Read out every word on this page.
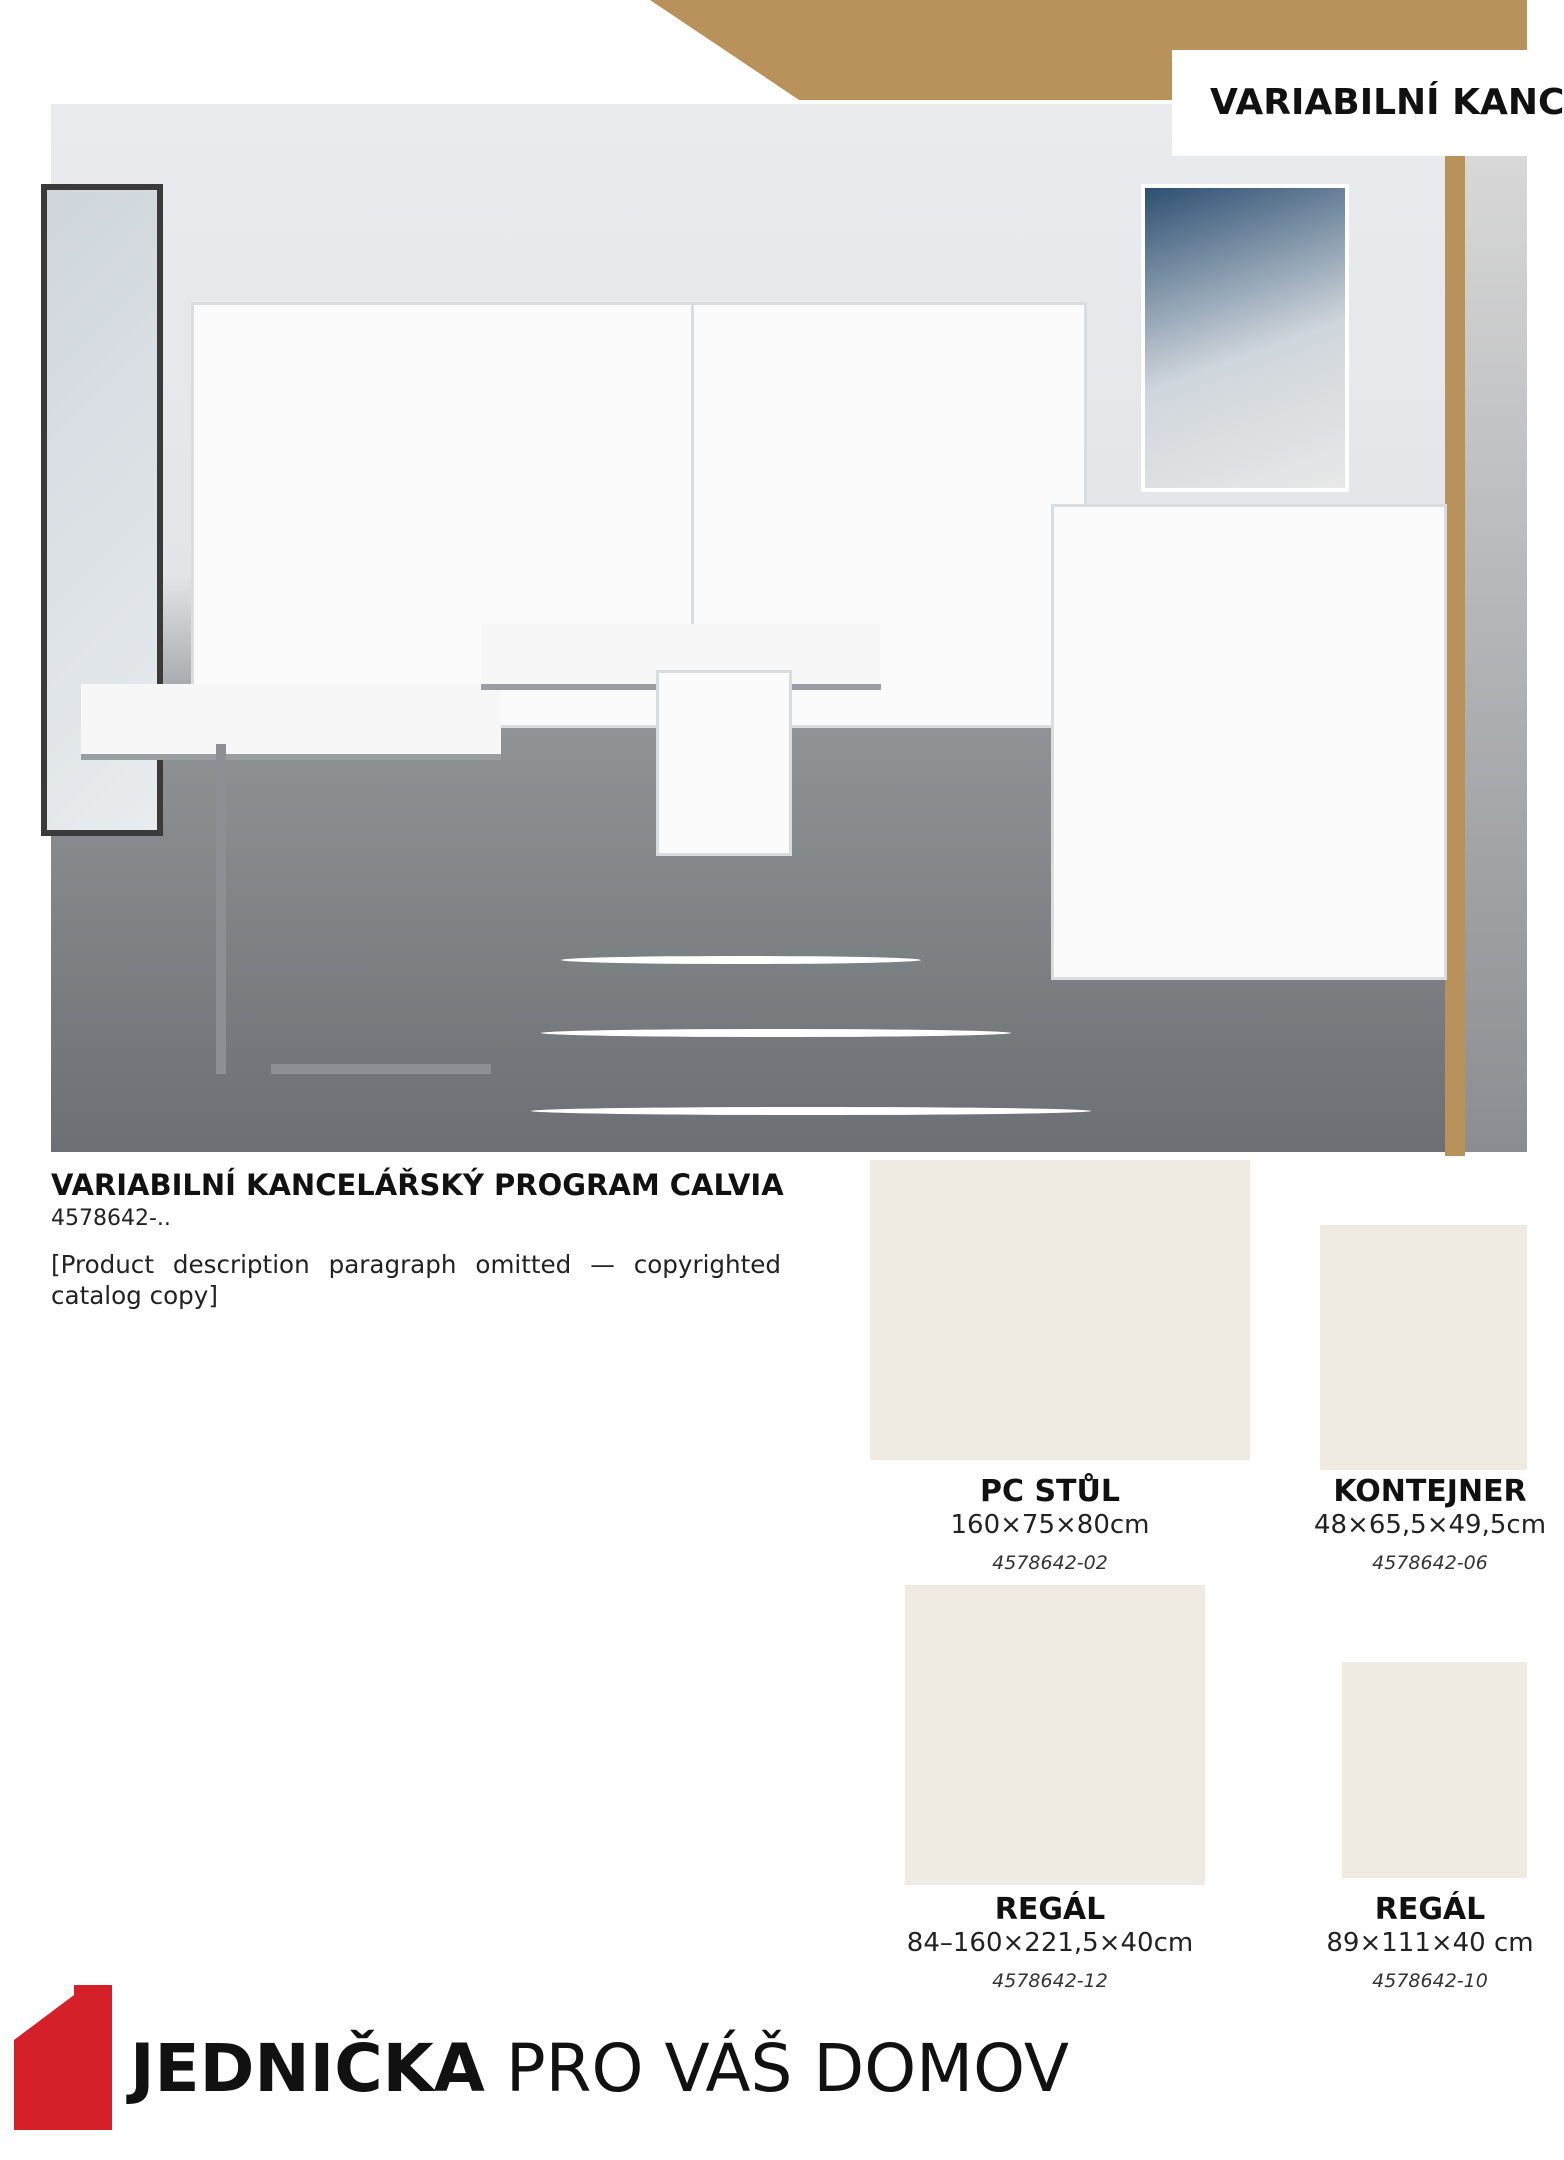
VARIABILNÍ KANC
VARIABILNÍ KANCELÁŘSKÝ PROGRAM CALVIA
4578642-..
[Product description paragraph omitted — copyrighted catalog copy]
PC STŮL
160×75×80cm
4578642-02
KONTEJNER
48×65,5×49,5cm
4578642-06
REGÁL
84–160×221,5×40cm
4578642-12
REGÁL
89×111×40 cm
4578642-10
JEDNIČKA PRO VÁŠ DOMOV
